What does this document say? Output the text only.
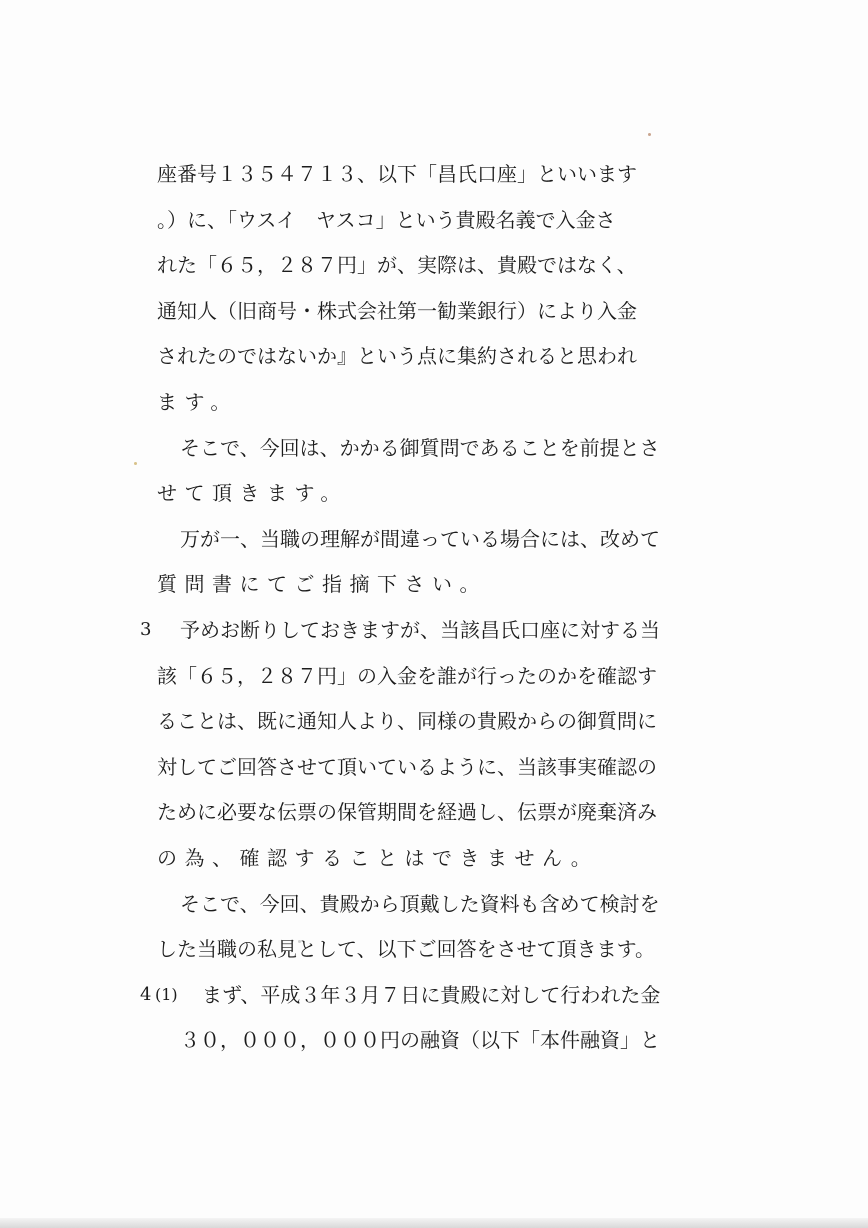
座番号１３５４７１３、以下「昌氏口座」といいます
。）に、「ウスイ　ヤスコ」という貴殿名義で入金さ
れた「６５，２８７円」が、実際は、貴殿ではなく、
通知人（旧商号・株式会社第一勧業銀行）により入金
されたのではないか』という点に集約されると思われ
ます。
そこで、今回は、かかる御質問であることを前提とさ
せて頂きます。
万が一、当職の理解が間違っている場合には、改めて
質問書にてご指摘下さい。
3 予めお断りしておきますが、当該昌氏口座に対する当
該「６５，２８７円」の入金を誰が行ったのかを確認す
ることは、既に通知人より、同様の貴殿からの御質問に
対してご回答させて頂いているように、当該事実確認の
ために必要な伝票の保管期間を経過し、伝票が廃棄済み
の為、確認することはできません。
そこで、今回、貴殿から頂戴した資料も含めて検討を
した当職の私見として、以下ご回答をさせて頂きます。
4 (1) まず、平成３年３月７日に貴殿に対して行われた金
３０，０００，０００円の融資（以下「本件融資」と
